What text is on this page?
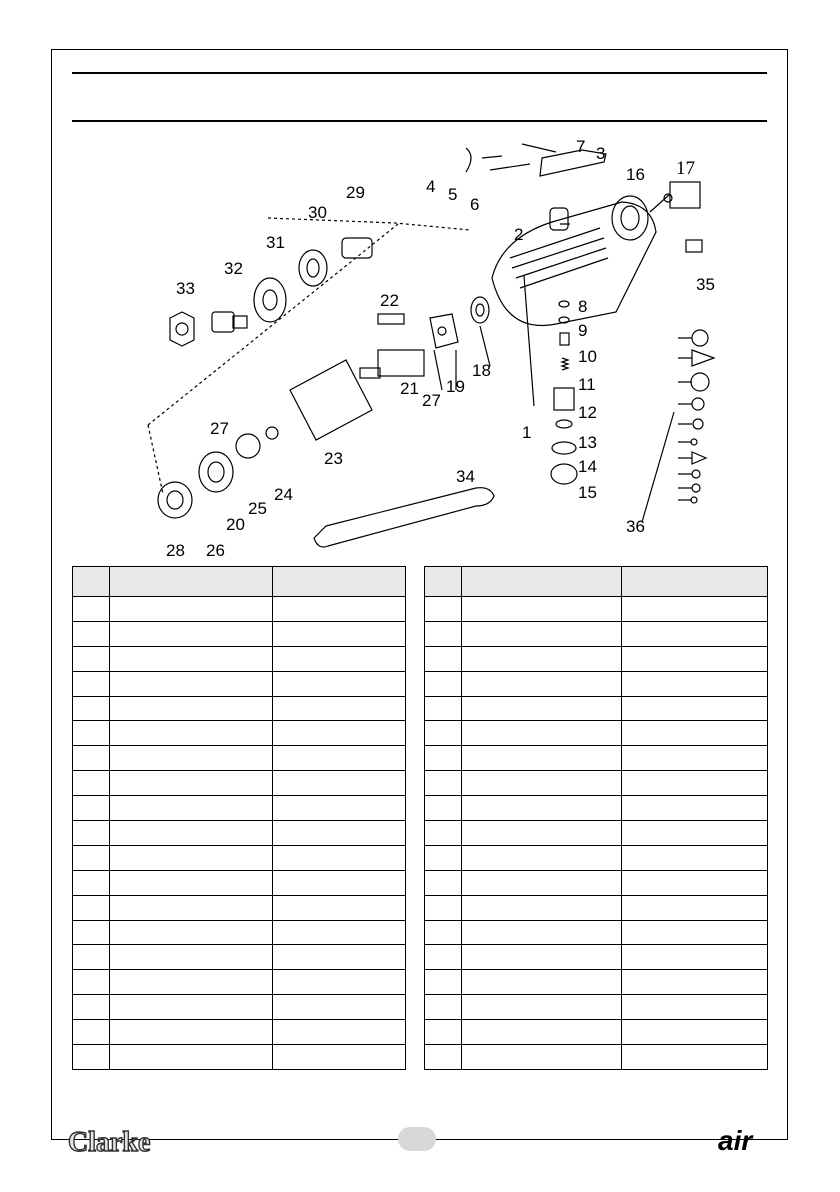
1
2
3
4 5
6
7
8
9
10
11
12
13
14
15
16 17
18
19
20
21
22
23
24
25
26
27
27
28
29
30
31
32
33
34
35
36

Clarke	air
